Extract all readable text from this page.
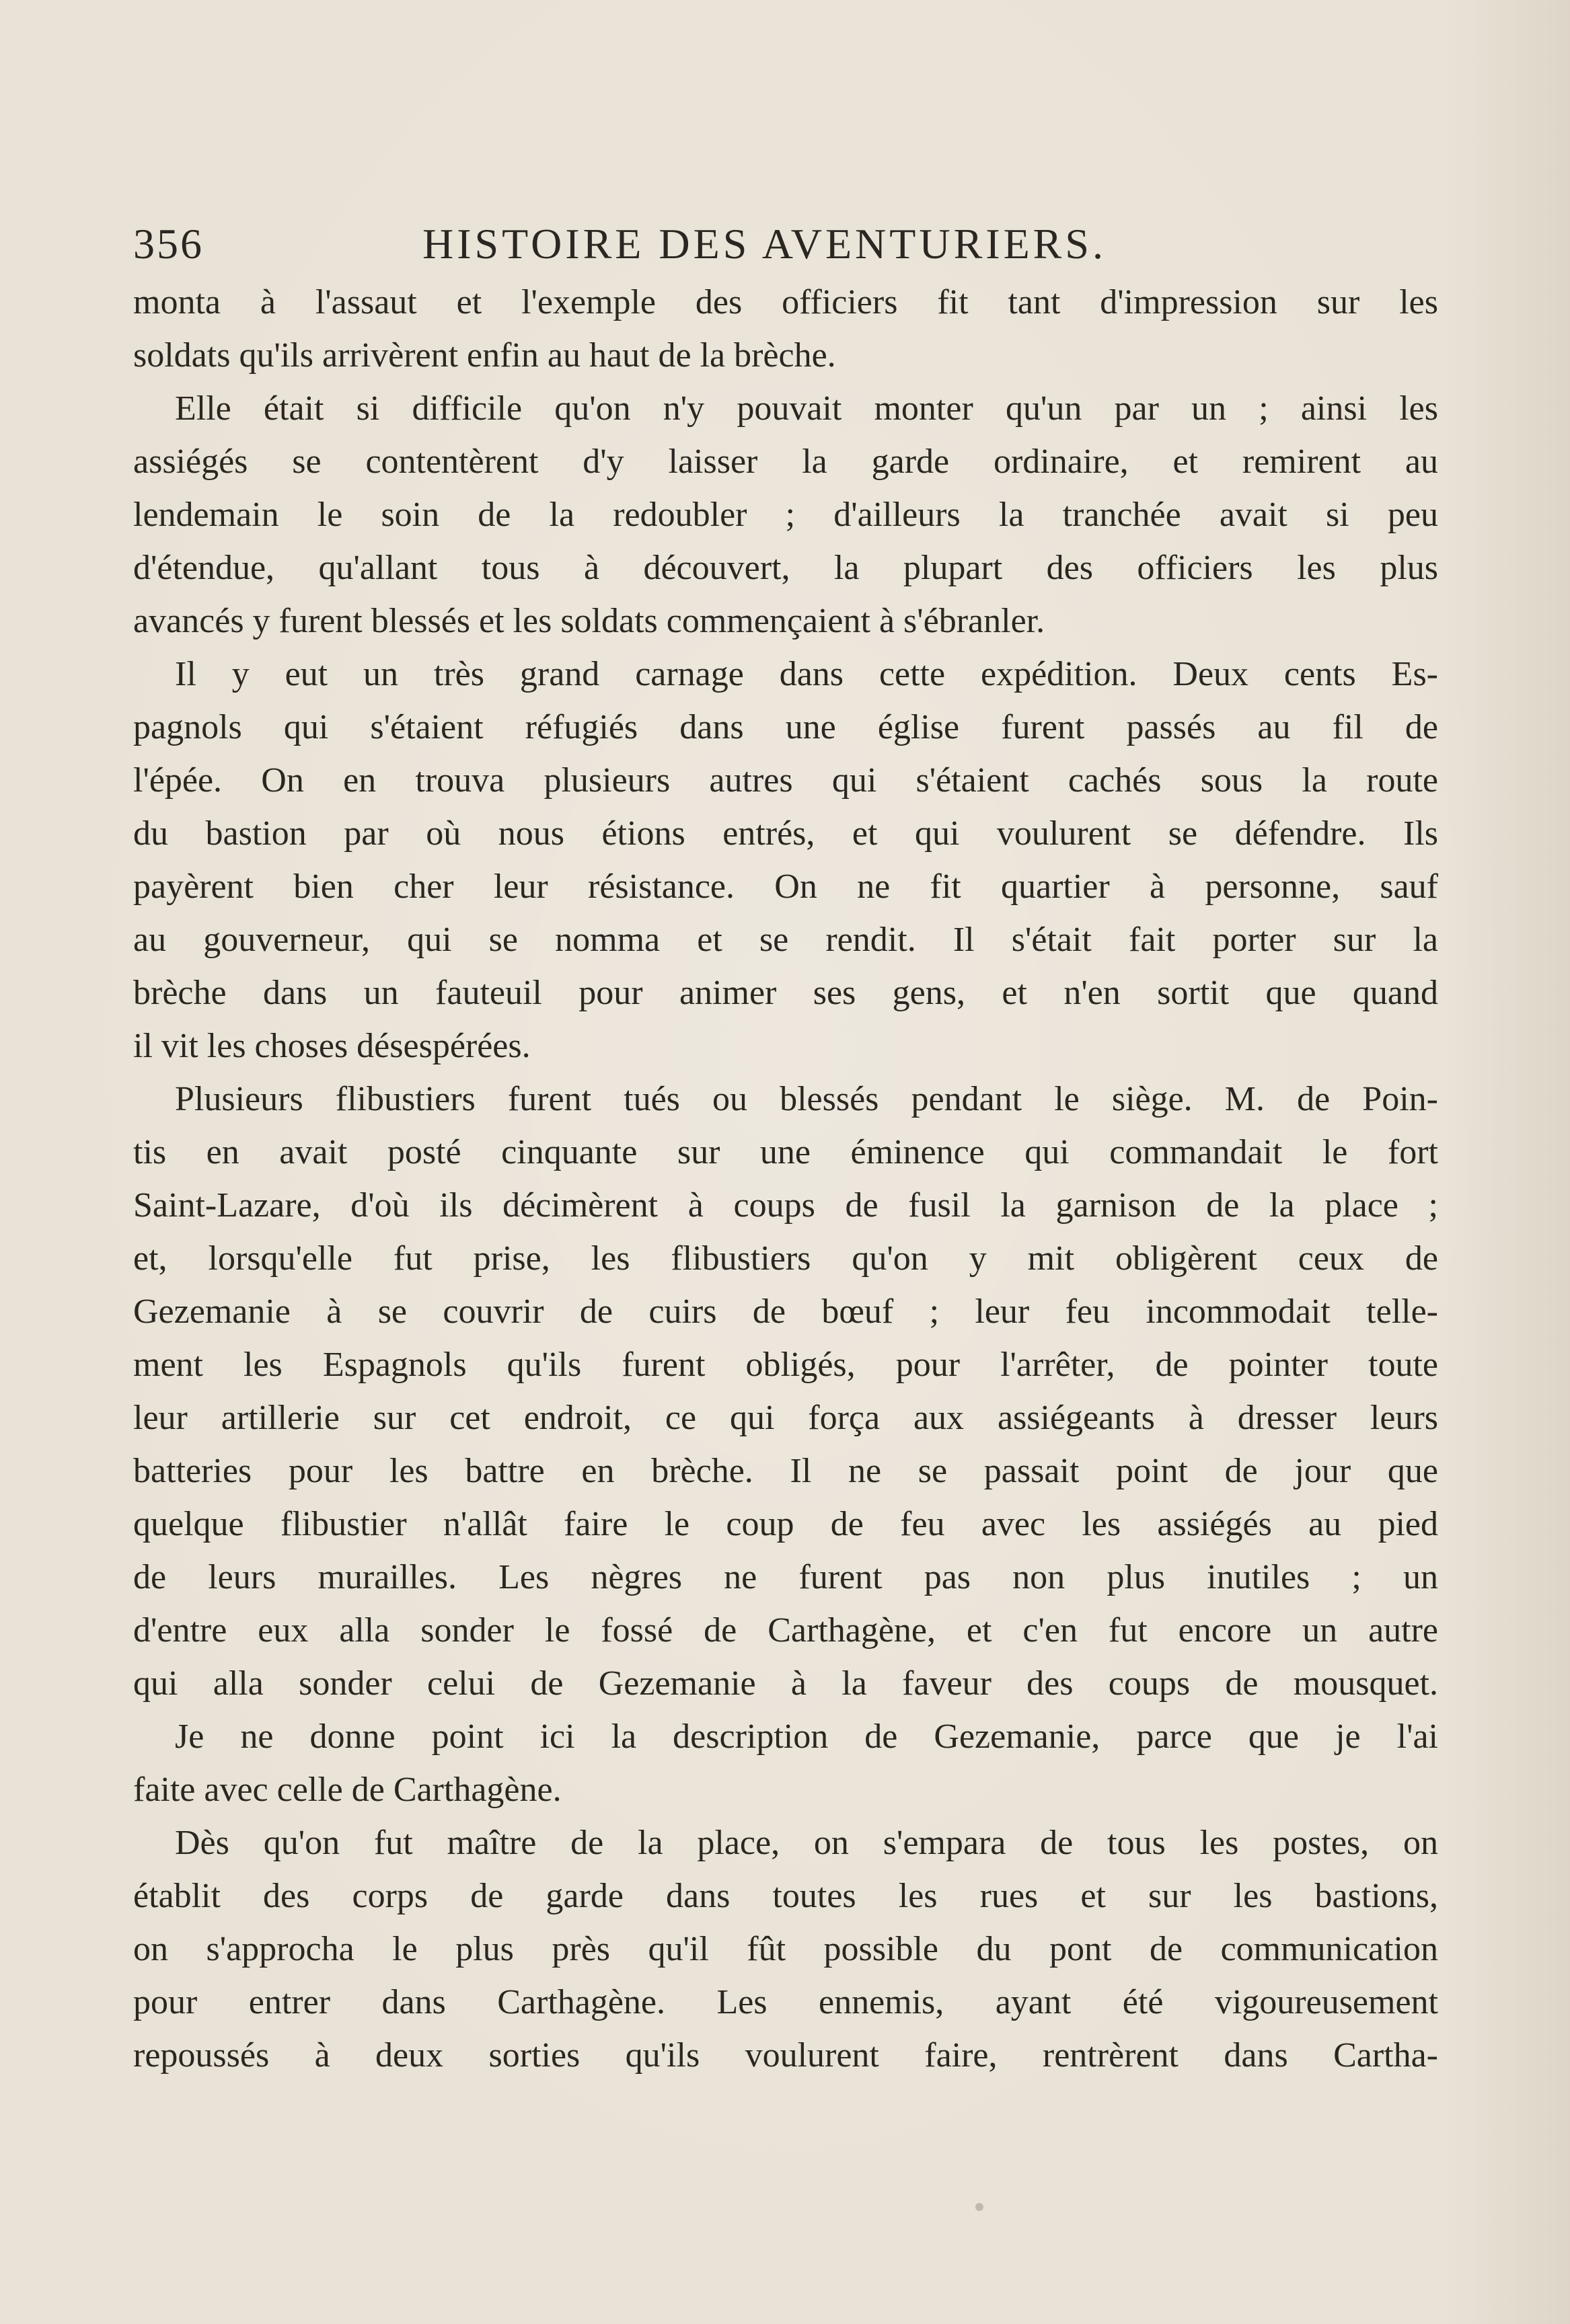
356	HISTOIRE DES AVENTURIERS.
monta à l'assaut et l'exemple des officiers fit tant d'impression sur les
soldats qu'ils arrivèrent enfin au haut de la brèche.
Elle était si difficile qu'on n'y pouvait monter qu'un par un ; ainsi les
assiégés se contentèrent d'y laisser la garde ordinaire, et remirent au
lendemain le soin de la redoubler ; d'ailleurs la tranchée avait si peu
d'étendue, qu'allant tous à découvert, la plupart des officiers les plus
avancés y furent blessés et les soldats commençaient à s'ébranler.
Il y eut un très grand carnage dans cette expédition. Deux cents Es-
pagnols qui s'étaient réfugiés dans une église furent passés au fil de
l'épée. On en trouva plusieurs autres qui s'étaient cachés sous la route
du bastion par où nous étions entrés, et qui voulurent se défendre. Ils
payèrent bien cher leur résistance. On ne fit quartier à personne, sauf
au gouverneur, qui se nomma et se rendit. Il s'était fait porter sur la
brèche dans un fauteuil pour animer ses gens, et n'en sortit que quand
il vit les choses désespérées.
Plusieurs flibustiers furent tués ou blessés pendant le siège. M. de Poin-
tis en avait posté cinquante sur une éminence qui commandait le fort
Saint-Lazare, d'où ils décimèrent à coups de fusil la garnison de la place ;
et, lorsqu'elle fut prise, les flibustiers qu'on y mit obligèrent ceux de
Gezemanie à se couvrir de cuirs de bœuf ; leur feu incommodait telle-
ment les Espagnols qu'ils furent obligés, pour l'arrêter, de pointer toute
leur artillerie sur cet endroit, ce qui força aux assiégeants à dresser leurs
batteries pour les battre en brèche. Il ne se passait point de jour que
quelque flibustier n'allât faire le coup de feu avec les assiégés au pied
de leurs murailles. Les nègres ne furent pas non plus inutiles ; un
d'entre eux alla sonder le fossé de Carthagène, et c'en fut encore un autre
qui alla sonder celui de Gezemanie à la faveur des coups de mousquet.
Je ne donne point ici la description de Gezemanie, parce que je l'ai
faite avec celle de Carthagène.
Dès qu'on fut maître de la place, on s'empara de tous les postes, on
établit des corps de garde dans toutes les rues et sur les bastions,
on s'approcha le plus près qu'il fût possible du pont de communication
pour entrer dans Carthagène. Les ennemis, ayant été vigoureusement
repoussés à deux sorties qu'ils voulurent faire, rentrèrent dans Cartha-
